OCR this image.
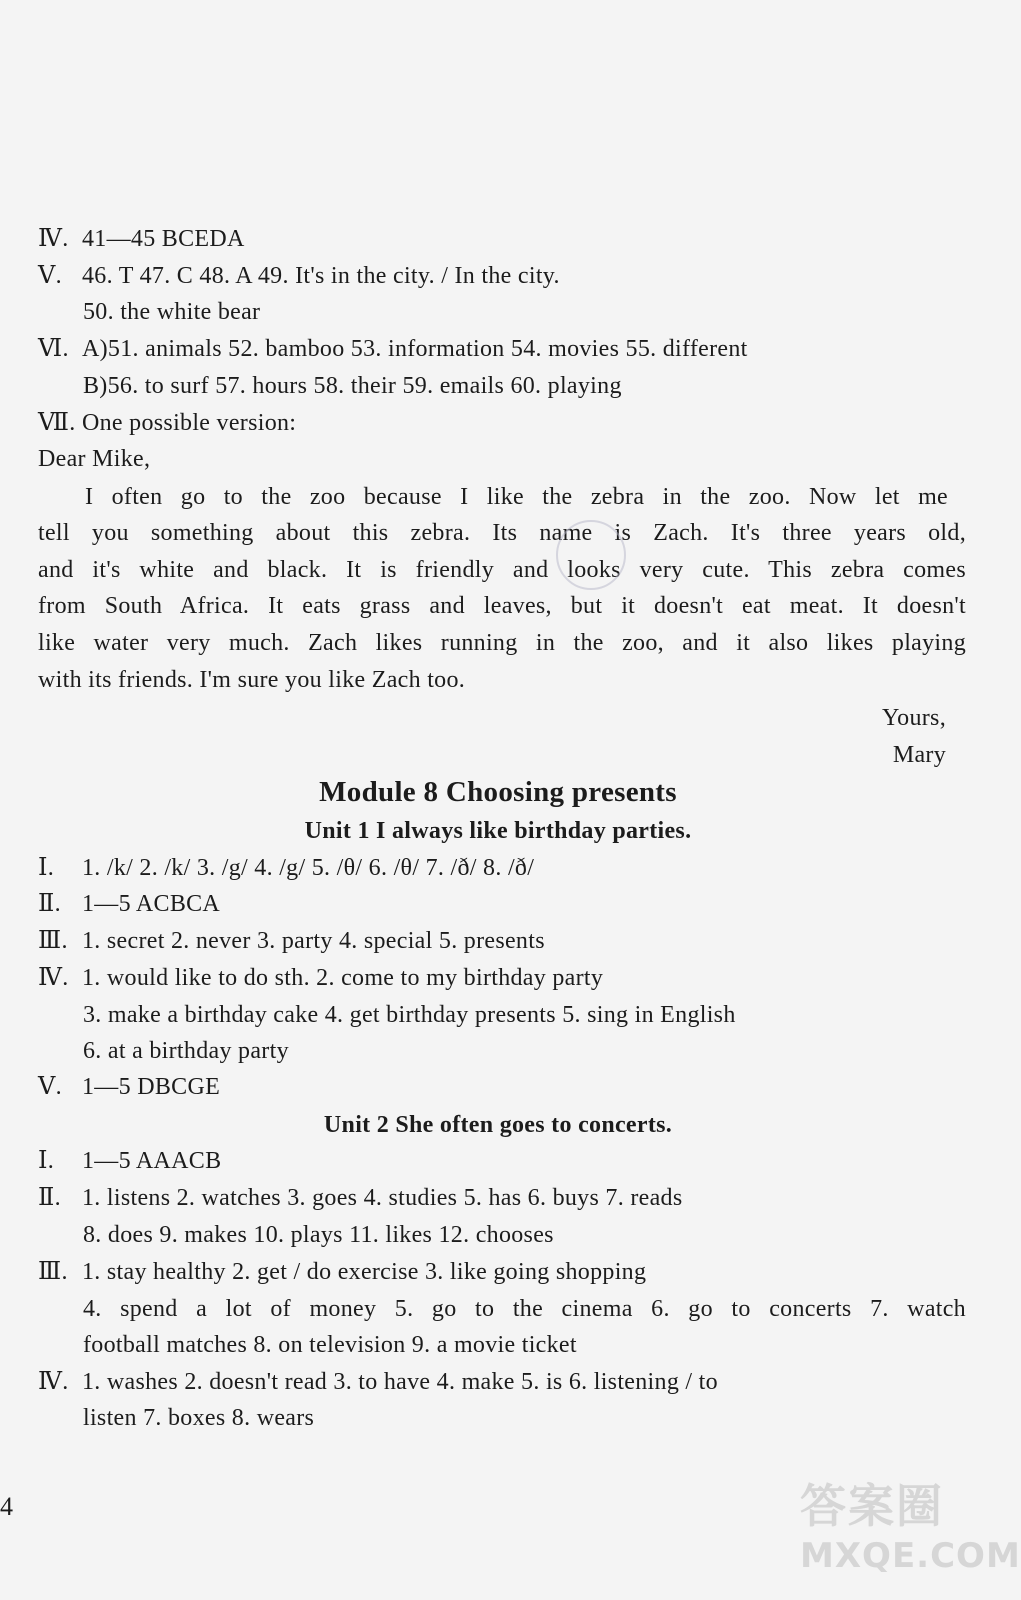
Ⅳ. 41—45 BCEDA
Ⅴ. 46. T 47. C 48. A 49. It's in the city. / In the city.
50. the white bear
Ⅵ. A)51. animals 52. bamboo 53. information 54. movies 55. different
B)56. to surf 57. hours 58. their 59. emails 60. playing
Ⅶ. One possible version:
Dear Mike,
I often go to the zoo because I like the zebra in the zoo. Now let me
tell you something about this zebra. Its name is Zach. It's three years old,
and it's white and black. It is friendly and looks very cute. This zebra comes
from South Africa. It eats grass and leaves, but it doesn't eat meat. It doesn't
like water very much. Zach likes running in the zoo, and it also likes playing
with its friends. I'm sure you like Zach too.
Yours,
Mary
Module 8 Choosing presents
Unit 1 I always like birthday parties.
Ⅰ. 1. /k/ 2. /k/ 3. /g/ 4. /g/ 5. /θ/ 6. /θ/ 7. /ð/ 8. /ð/
Ⅱ. 1—5 ACBCA
Ⅲ. 1. secret 2. never 3. party 4. special 5. presents
Ⅳ. 1. would like to do sth. 2. come to my birthday party
3. make a birthday cake 4. get birthday presents 5. sing in English
6. at a birthday party
Ⅴ. 1—5 DBCGE
Unit 2 She often goes to concerts.
Ⅰ. 1—5 AAACB
Ⅱ. 1. listens 2. watches 3. goes 4. studies 5. has 6. buys 7. reads
8. does 9. makes 10. plays 11. likes 12. chooses
Ⅲ. 1. stay healthy 2. get / do exercise 3. like going shopping
4. spend a lot of money 5. go to the cinema 6. go to concerts 7. watch
football matches 8. on television 9. a movie ticket
Ⅳ. 1. washes 2. doesn't read 3. to have 4. make 5. is 6. listening / to
listen 7. boxes 8. wears
4	答案圈
MXQE.COM
